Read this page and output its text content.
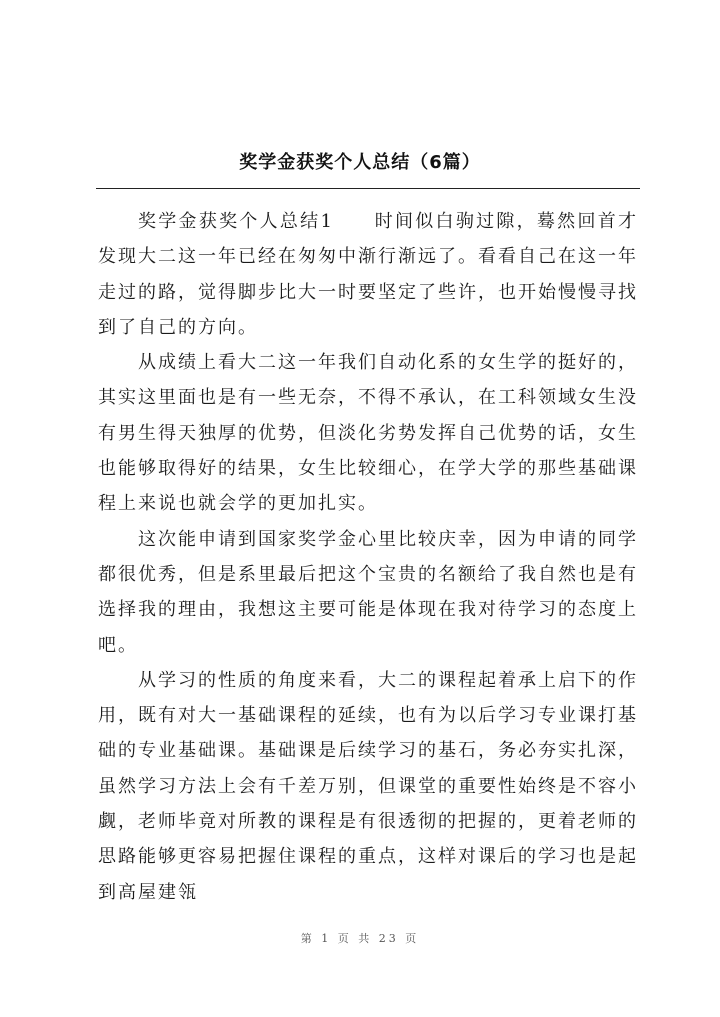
奖学金获奖个人总结（6篇）

奖学金获奖个人总结1　　时间似白驹过隙，蓦然回首才发现大二这一年已经在匆匆中渐行渐远了。看看自己在这一年走过的路，觉得脚步比大一时要坚定了些许，也开始慢慢寻找到了自己的方向。

从成绩上看大二这一年我们自动化系的女生学的挺好的，其实这里面也是有一些无奈，不得不承认，在工科领域女生没有男生得天独厚的优势，但淡化劣势发挥自己优势的话，女生也能够取得好的结果，女生比较细心，在学大学的那些基础课程上来说也就会学的更加扎实。

这次能申请到国家奖学金心里比较庆幸，因为申请的同学都很优秀，但是系里最后把这个宝贵的名额给了我自然也是有选择我的理由，我想这主要可能是体现在我对待学习的态度上吧。

从学习的性质的角度来看，大二的课程起着承上启下的作用，既有对大一基础课程的延续，也有为以后学习专业课打基础的专业基础课。基础课是后续学习的基石，务必夯实扎深，虽然学习方法上会有千差万别，但课堂的重要性始终是不容小觑，老师毕竟对所教的课程是有很透彻的把握的，更着老师的思路能够更容易把握住课程的重点，这样对课后的学习也是起到高屋建瓴

第 1 页 共 23 页
